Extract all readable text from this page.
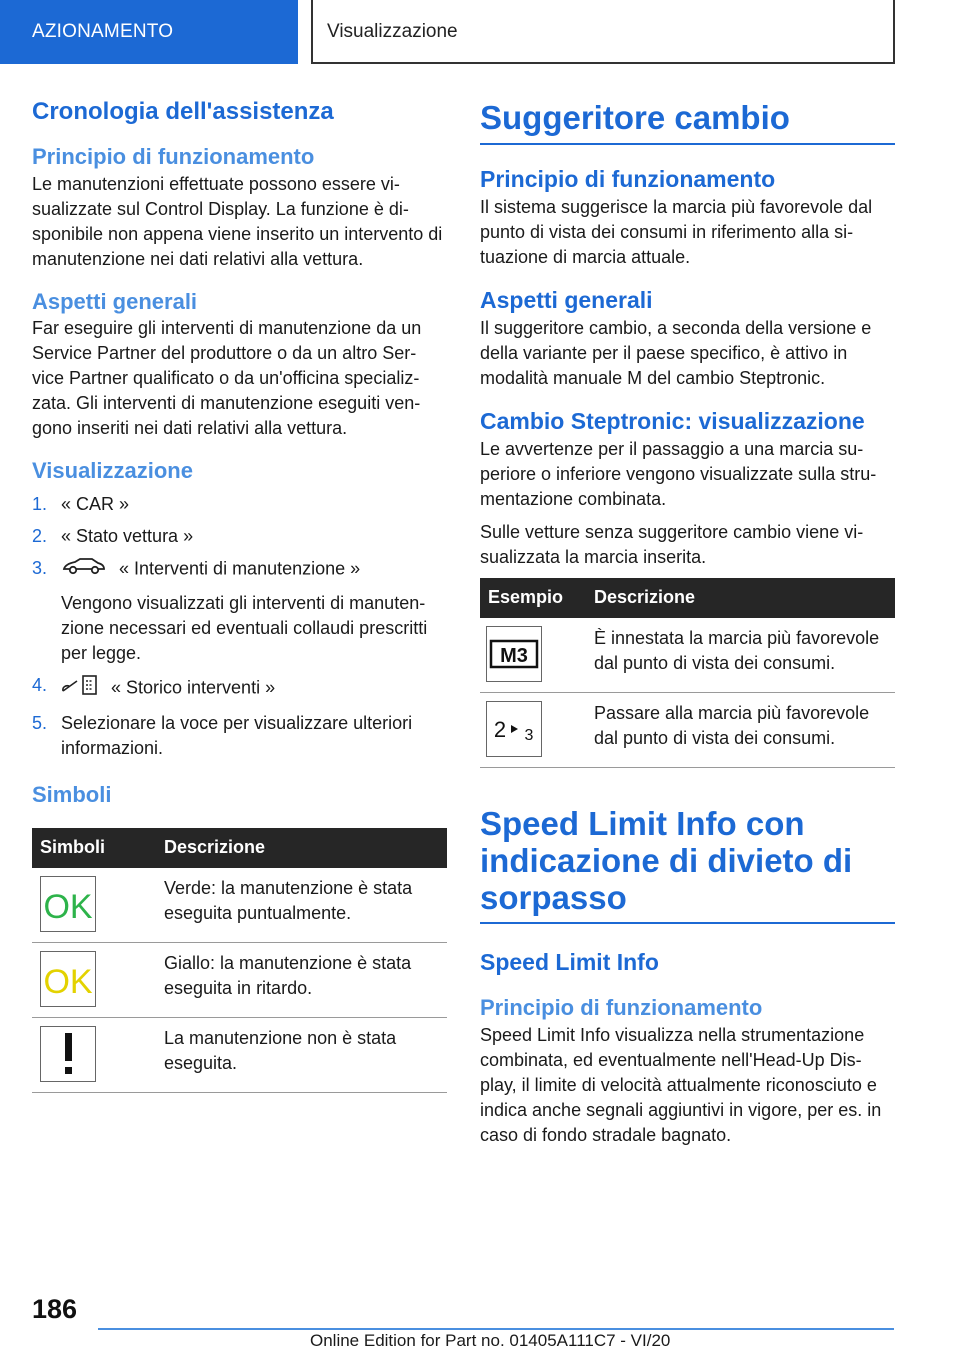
AZIONAMENTO	Visualizzazione
Cronologia dell'assistenza
Principio di funzionamento

Le manutenzioni effettuate possono essere vi-sualizzate sul Control Display. La funzione è di-sponibile non appena viene inserito un intervento di manutenzione nei dati relativi alla vettura.

Aspetti generali

Far eseguire gli interventi di manutenzione da un Service Partner del produttore o da un altro Ser-vice Partner qualificato o da un'officina specializ-zata. Gli interventi di manutenzione eseguiti ven-gono inseriti nei dati relativi alla vettura.

Visualizzazione
1. « CAR »
2. « Stato vettura »
3.	« Interventi di manutenzione »
Vengono visualizzati gli interventi di manuten-zione necessari ed eventuali collaudi prescritti per legge.
4.	« Storico interventi »
5. Selezionare la voce per visualizzare ulteriori informazioni.
Simboli
Simboli	Descrizione

OK	Verde: la manutenzione è stata eseguita puntualmente.

OK	Giallo: la manutenzione è stata eseguita in ritardo.

	La manutenzione non è stata eseguita.
Suggeritore cambio
Principio di funzionamento

Il sistema suggerisce la marcia più favorevole dal punto di vista dei consumi in riferimento alla si-tuazione di marcia attuale.

Aspetti generali

Il suggeritore cambio, a seconda della versione e della variante per il paese specifico, è attivo in modalità manuale M del cambio Steptronic.

Cambio Steptronic: visualizzazione

Le avvertenze per il passaggio a una marcia su-periore o inferiore vengono visualizzate sulla stru-mentazione combinata.

Sulle vetture senza suggeritore cambio viene vi-sualizzata la marcia inserita.

Esempio	Descrizione

M3	È innestata la marcia più favorevole dal punto di vista dei consumi.

2 3	Passare alla marcia più favorevole dal punto di vista dei consumi.
Speed Limit Info con indicazione di divieto di sorpasso
Speed Limit Info
Principio di funzionamento

Speed Limit Info visualizza nella strumentazione combinata, ed eventualmente nell'Head-Up Dis-play, il limite di velocità attualmente riconosciuto e indica anche segnali aggiuntivi in vigore, per es. in caso di fondo stradale bagnato.

186
Online Edition for Part no. 01405A111C7 - VI/20
